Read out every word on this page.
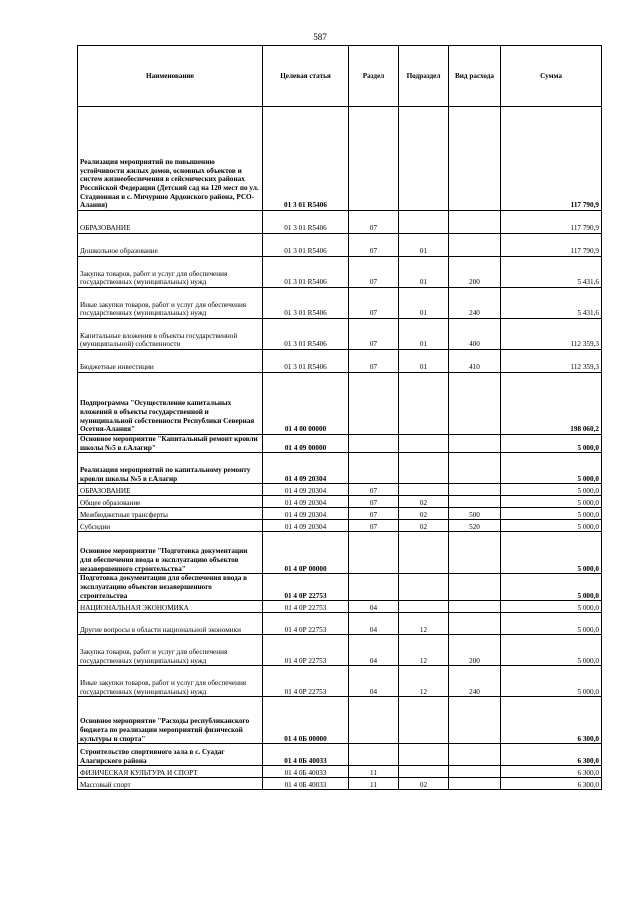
587
Наименование	Целевая статья	Раздел	Подраздел	Вид расхода	Сумма
Реализация мероприятий по повышению устойчивости жилых домов, основных объектов и систем жизнеобеспечения в сейсмических районах Российской Федерации (Детский сад на 120 мест по ул. Стадионная в с. Мичурино Ардонского района, РСО-Алания)	01 3 01 R5406				117 790,9
ОБРАЗОВАНИЕ	01 3 01 R5406	07			117 790,9
Дошкольное образование	01 3 01 R5406	07	01		117 790,9
Закупка товаров, работ и услуг для обеспечения государственных (муниципальных) нужд	01 3 01 R5406	07	01	200	5 431,6
Иные закупки товаров, работ и услуг для обеспечения государственных (муниципальных) нужд	01 3 01 R5406	07	01	240	5 431,6
Капитальные вложения в объекты государственной (муниципальной) собственности	01 3 01 R5406	07	01	400	112 359,3
Бюджетные инвестиции	01 3 01 R5406	07	01	410	112 359,3
Подпрограмма "Осуществление капитальных вложений в объекты государственной и муниципальной собственности Республики Северная Осетия-Алания"	01 4 00 00000				198 060,2
Основное мероприятие "Капитальный ремонт кровли школы №5 в г.Алагир"	01 4 09 00000				5 000,0
Реализация мероприятий по капитальному ремонту кровли школы №5 в г.Алагир	01 4 09 20304				5 000,0
ОБРАЗОВАНИЕ	01 4 09 20304	07			5 000,0
Общее образование	01 4 09 20304	07	02		5 000,0
Межбюджетные трансферты	01 4 09 20304	07	02	500	5 000,0
Субсидии	01 4 09 20304	07	02	520	5 000,0
Основное мероприятие "Подготовка документации для обеспечения ввода в эксплуатацию объектов незавершенного строительства"	01 4 0Р 00000				5 000,0
Подготовка документации для обеспечения ввода в эксплуатацию объектов незавершенного строительства	01 4 0Р 22753				5 000,0
НАЦИОНАЛЬНАЯ ЭКОНОМИКА	01 4 0Р 22753	04			5 000,0
Другие вопросы в области национальной экономики	01 4 0Р 22753	04	12		5 000,0
Закупка товаров, работ и услуг для обеспечения государственных (муниципальных) нужд	01 4 0Р 22753	04	12	200	5 000,0
Иные закупки товаров, работ и услуг для обеспечения государственных (муниципальных) нужд	01 4 0Р 22753	04	12	240	5 000,0
Основное мероприятие "Расходы республиканского бюджета по реализации мероприятий физической культуры и спорта"	01 4 0Б 00000				6 300,0
Строительство спортивного зала в с. Суадаг Алагирского района	01 4 0Б 40033				6 300,0
ФИЗИЧЕСКАЯ КУЛЬТУРА И СПОРТ	01 4 0Б 40033	11			6 300,0
Массовый спорт	01 4 0Б 40033	11	02		6 300,0
